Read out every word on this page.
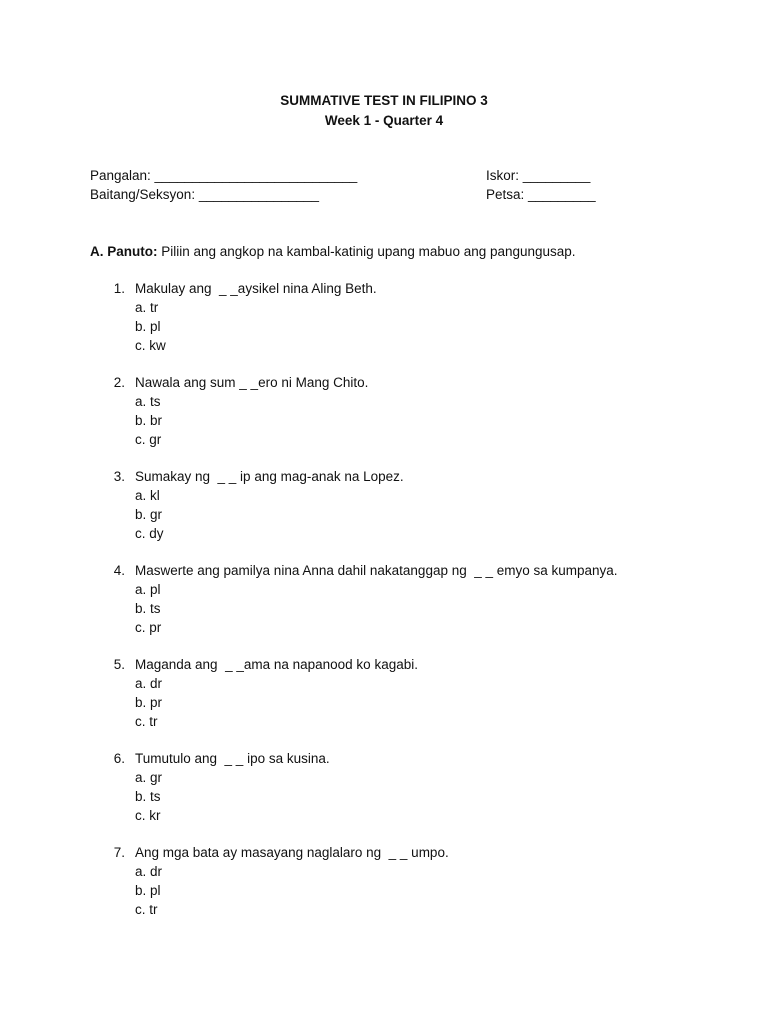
SUMMATIVE TEST IN FILIPINO 3
Week 1 - Quarter 4
Pangalan: ___________________________
Baitang/Seksyon: ________________
Iskor: _________
Petsa: _________
A. Panuto: Piliin ang angkop na kambal-katinig upang mabuo ang pangungusap.
1. Makulay ang  _ _aysikel nina Aling Beth.
a. tr
b. pl
c. kw
2. Nawala ang sum _ _ero ni Mang Chito.
a. ts
b. br
c. gr
3. Sumakay ng  _ _ ip ang mag-anak na Lopez.
a. kl
b. gr
c. dy
4. Maswerte ang pamilya nina Anna dahil nakatanggap ng  _ _ emyo sa kumpanya.
a. pl
b. ts
c. pr
5. Maganda ang  _ _ama na napanood ko kagabi.
a. dr
b. pr
c. tr
6. Tumutulo ang  _ _ ipo sa kusina.
a. gr
b. ts
c. kr
7. Ang mga bata ay masayang naglalaro ng  _ _ umpo.
a. dr
b. pl
c. tr
